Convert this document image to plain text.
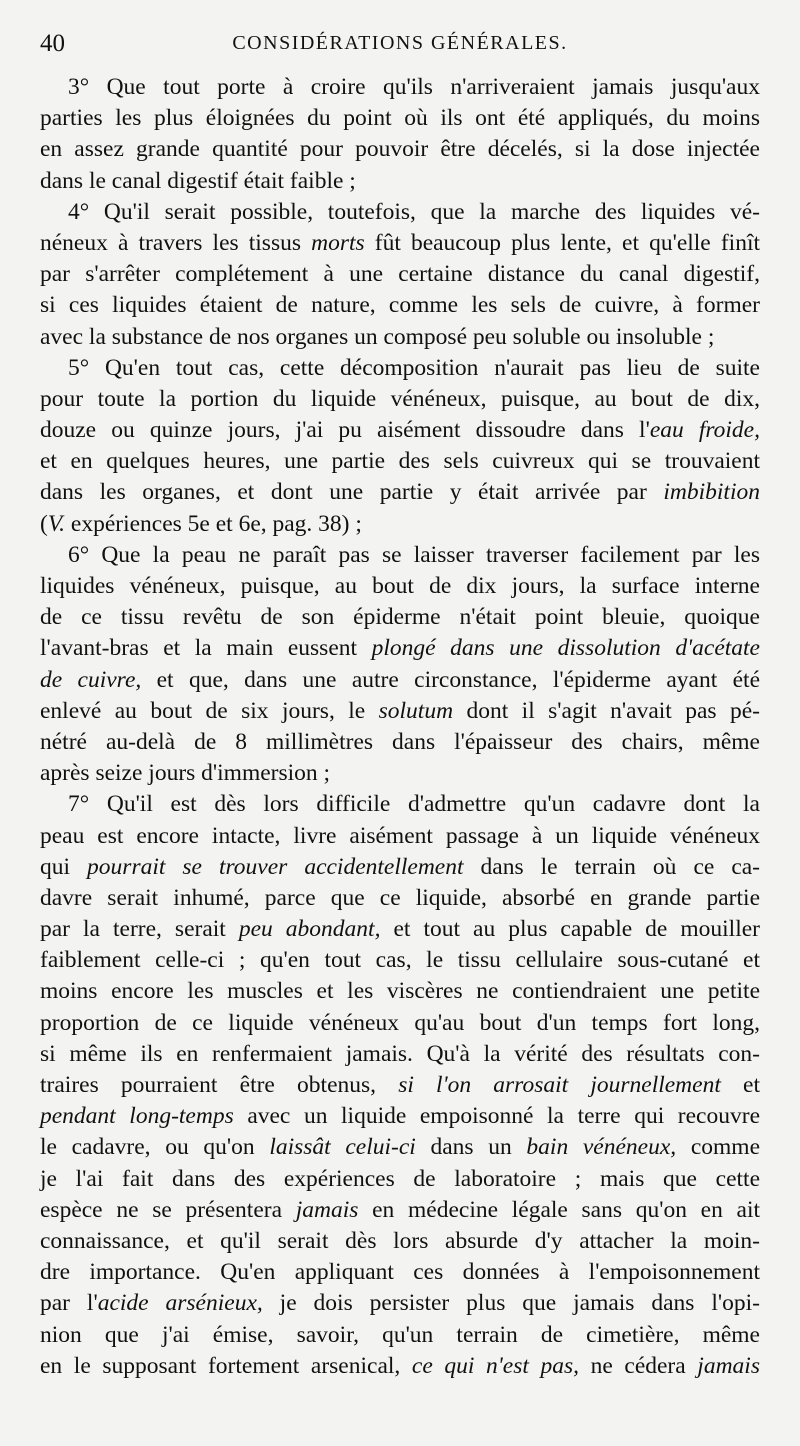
40	CONSIDÉRATIONS GÉNÉRALES.
3° Que tout porte à croire qu'ils n'arriveraient jamais jusqu'aux
parties les plus éloignées du point où ils ont été appliqués, du moins
en assez grande quantité pour pouvoir être décelés, si la dose injectée
dans le canal digestif était faible ;
4° Qu'il serait possible, toutefois, que la marche des liquides vé-
néneux à travers les tissus morts fût beaucoup plus lente, et qu'elle finît
par s'arrêter complétement à une certaine distance du canal digestif,
si ces liquides étaient de nature, comme les sels de cuivre, à former
avec la substance de nos organes un composé peu soluble ou insoluble ;
5° Qu'en tout cas, cette décomposition n'aurait pas lieu de suite
pour toute la portion du liquide vénéneux, puisque, au bout de dix,
douze ou quinze jours, j'ai pu aisément dissoudre dans l'eau froide,
et en quelques heures, une partie des sels cuivreux qui se trouvaient
dans les organes, et dont une partie y était arrivée par imbibition
(V. expériences 5e et 6e, pag. 38) ;
6° Que la peau ne paraît pas se laisser traverser facilement par les
liquides vénéneux, puisque, au bout de dix jours, la surface interne
de ce tissu revêtu de son épiderme n'était point bleuie, quoique
l'avant-bras et la main eussent plongé dans une dissolution d'acétate
de cuivre, et que, dans une autre circonstance, l'épiderme ayant été
enlevé au bout de six jours, le solutum dont il s'agit n'avait pas pé-
nétré au-delà de 8 millimètres dans l'épaisseur des chairs, même
après seize jours d'immersion ;
7° Qu'il est dès lors difficile d'admettre qu'un cadavre dont la
peau est encore intacte, livre aisément passage à un liquide vénéneux
qui pourrait se trouver accidentellement dans le terrain où ce ca-
davre serait inhumé, parce que ce liquide, absorbé en grande partie
par la terre, serait peu abondant, et tout au plus capable de mouiller
faiblement celle-ci ; qu'en tout cas, le tissu cellulaire sous-cutané et
moins encore les muscles et les viscères ne contiendraient une petite
proportion de ce liquide vénéneux qu'au bout d'un temps fort long,
si même ils en renfermaient jamais. Qu'à la vérité des résultats con-
traires pourraient être obtenus, si l'on arrosait journellement et
pendant long-temps avec un liquide empoisonné la terre qui recouvre
le cadavre, ou qu'on laissât celui-ci dans un bain vénéneux, comme
je l'ai fait dans des expériences de laboratoire ; mais que cette
espèce ne se présentera jamais en médecine légale sans qu'on en ait
connaissance, et qu'il serait dès lors absurde d'y attacher la moin-
dre importance. Qu'en appliquant ces données à l'empoisonnement
par l'acide arsénieux, je dois persister plus que jamais dans l'opi-
nion que j'ai émise, savoir, qu'un terrain de cimetière, même
en le supposant fortement arsenical, ce qui n'est pas, ne cédera jamais
